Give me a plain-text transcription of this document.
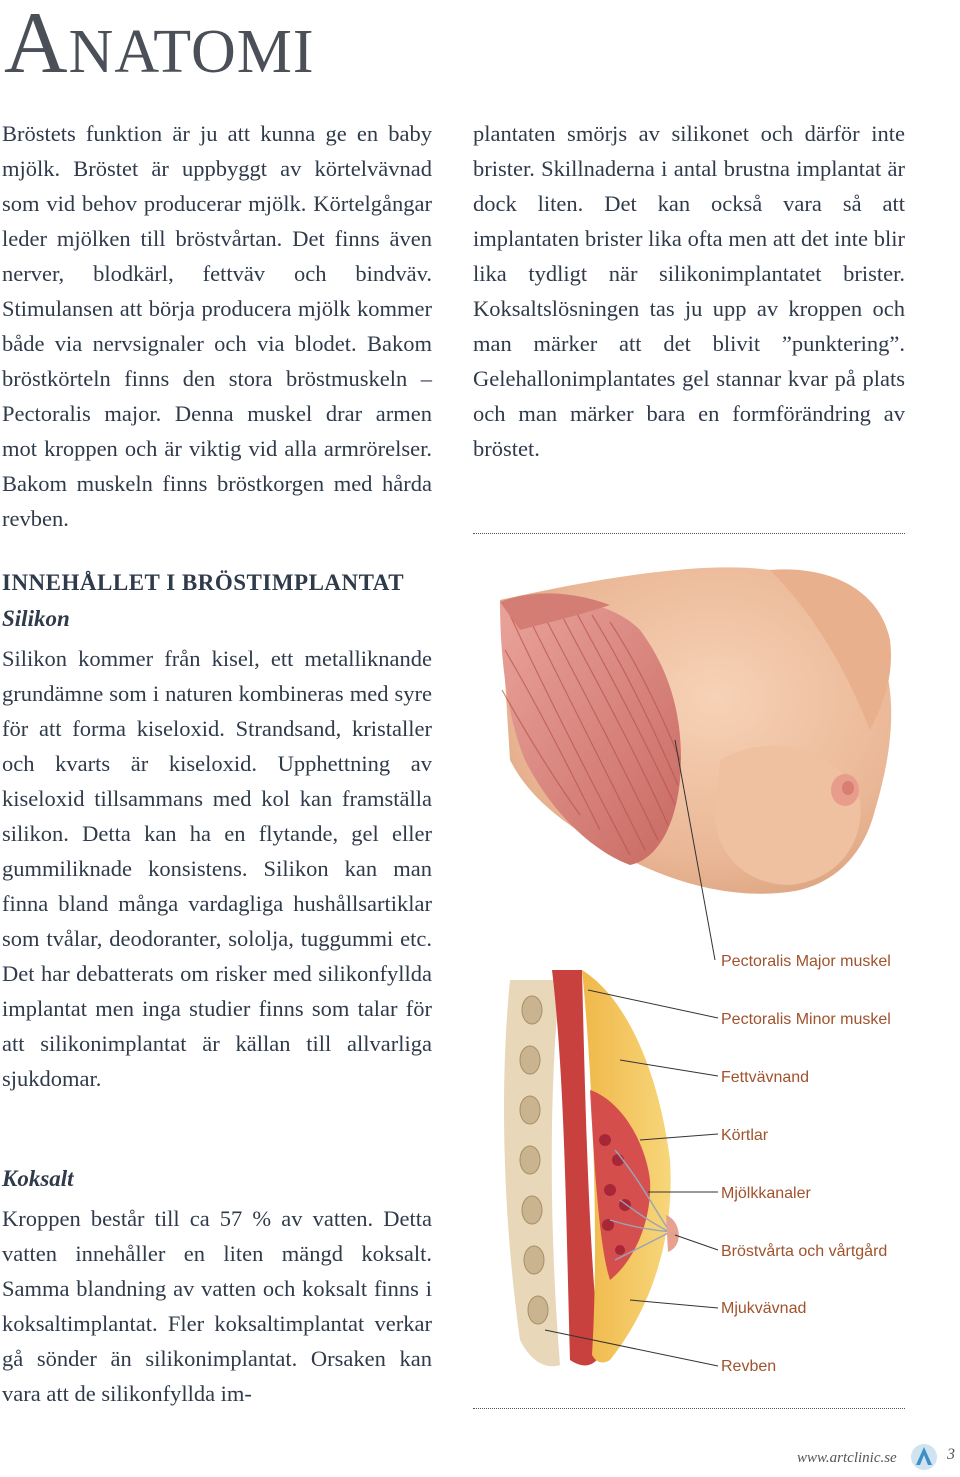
Anatomi

Bröstets funktion är ju att kunna ge en baby mjölk. Bröstet är uppbyggt av körtelvävnad som vid behov producerar mjölk. Körtelgångar leder mjölken till bröstvårtan. Det finns även nerver, blodkärl, fettväv och bindväv. Stimulansen att börja producera mjölk kommer både via nervsignaler och via blodet. Bakom bröstkörteln finns den stora bröstmuskeln – Pectoralis major. Denna muskel drar armen mot kroppen och är viktig vid alla armrörelser. Bakom muskeln finns bröstkorgen med hårda revben.

plantaten smörjs av silikonet och därför inte brister. Skillnaderna i antal brustna implantat är dock liten. Det kan också vara så att implantaten brister lika ofta men att det inte blir lika tydligt när silikonimplantatet brister. Koksaltslösningen tas ju upp av kroppen och man märker att det blivit ”punktering”. Gelehallonimplantates gel stannar kvar på plats och man märker bara en formförändring av bröstet.

INNEHÅLLET I BRÖSTIMPLANTAT
Silikon

Silikon kommer från kisel, ett metalliknande grundämne som i naturen kombineras med syre för att forma kiseloxid. Strandsand, kristaller och kvarts är kiseloxid. Upphettning av kiseloxid tillsammans med kol kan framställa silikon. Detta kan ha en flytande, gel eller gummiliknade konsistens. Silikon kan man finna bland många vardagliga hushållsartiklar som tvålar, deodoranter, sololja, tuggummi etc. Det har debatterats om risker med silikonfyllda implantat men inga studier finns som talar för att silikonimplantat är källan till allvarliga sjukdomar.

Koksalt

Kroppen består till ca 57 % av vatten. Detta vatten innehåller en liten mängd koksalt. Samma blandning av vatten och koksalt finns i koksaltimplantat. Fler koksaltimplantat verkar gå sönder än silikonimplantat. Orsaken kan vara att de silikonfyllda im-

Pectoralis Major muskel
Pectoralis Minor muskel
Fettvävnand
Körtlar
Mjölkkanaler
Bröstvårta och vårtgård
Mjukvävnad
Revben
www.artclinic.se	3
